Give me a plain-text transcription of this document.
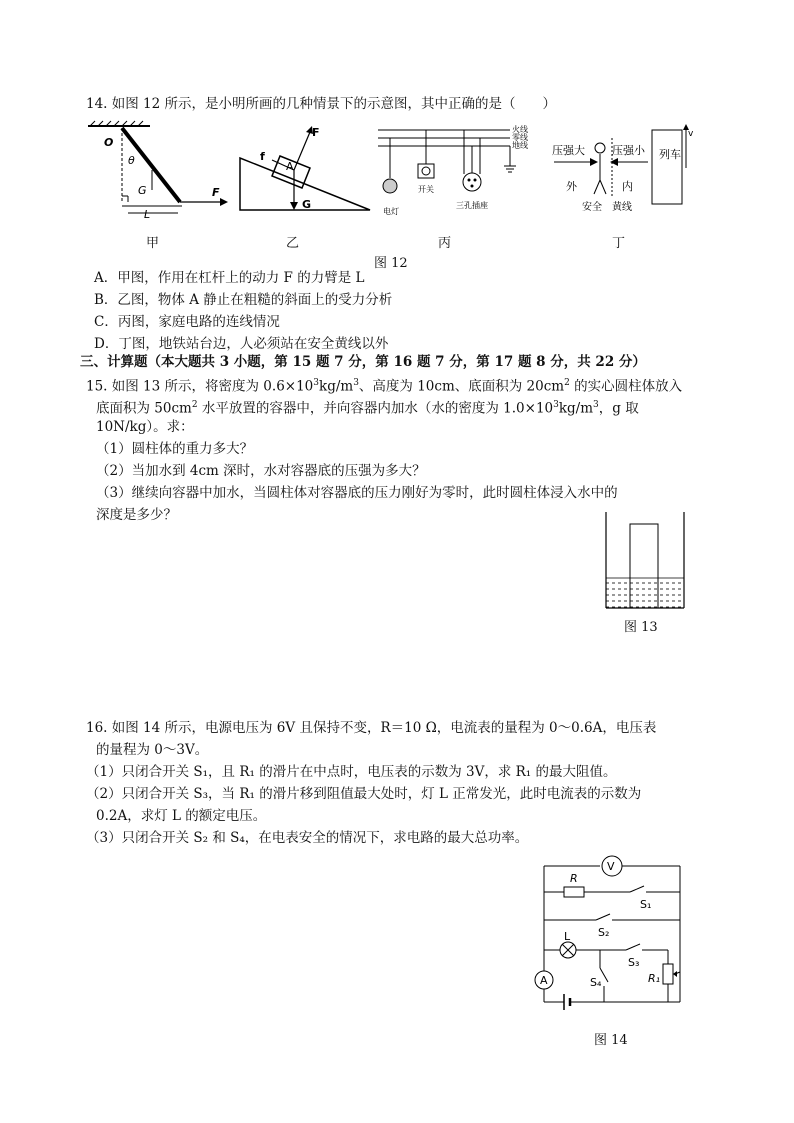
14. 如图 12 所示，是小明所画的几种情景下的示意图，其中正确的是（　　）
O
θ
G
L
F
F
f
A
G
火线
零线
地线
电灯
开关
三孔插座
压强大
外
安全
压强小
内
黄线
列车
v
甲	乙	丙	丁
图 12
A．甲图，作用在杠杆上的动力 F 的力臂是 L
B．乙图，物体 A 静止在粗糙的斜面上的受力分析
C．丙图，家庭电路的连线情况
D．丁图，地铁站台边，人必须站在安全黄线以外
三、计算题（本大题共 3 小题，第 15 题 7 分，第 16 题 7 分，第 17 题 8 分，共 22 分）
15. 如图 13 所示，将密度为 $0.6\times 10^3kg/m^3$、高度为 10cm、底面积为 $20cm^2$ 的实心圆柱体放入
底面积为 $50cm^2$ 水平放置的容器中，并向容器内加水（水的密度为 $1.0\times 10^3kg/m^3$，g 取
10N/kg）。求：
（1）圆柱体的重力多大？
（2）当加水到 4cm 深时，水对容器底的压强为多大？
（3）继续向容器中加水，当圆柱体对容器底的压力刚好为零时，此时圆柱体浸入水中的
深度是多少？
图 13
16. 如图 14 所示，电源电压为 6V 且保持不变，R＝10 Ω，电流表的量程为 0～0.6A，电压表
的量程为 0～3V。
（1）只闭合开关 S₁，且 R₁ 的滑片在中点时，电压表的示数为 3V，求 R₁ 的最大阻值。
（2）只闭合开关 S₃，当 R₁ 的滑片移到阻值最大处时，灯 L 正常发光，此时电流表的示数为
0.2A，求灯 L 的额定电压。
（3）只闭合开关 S₂ 和 S₄，在电表安全的情况下，求电路的最大总功率。
V
R
S₁
S₂
L
S₃
R₁
S₄
A
图 14
